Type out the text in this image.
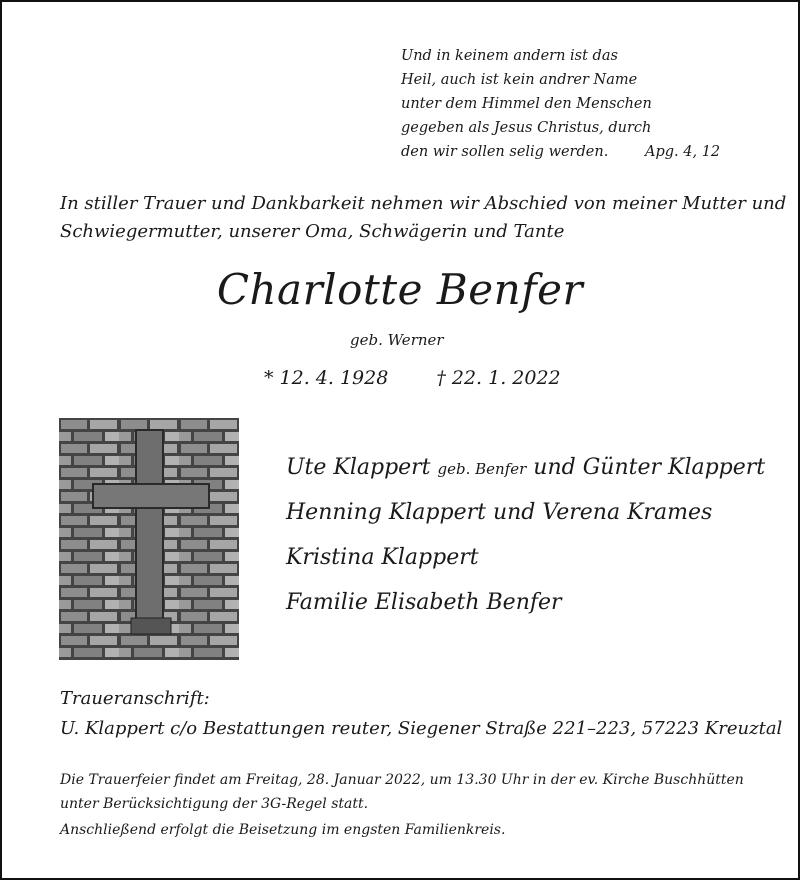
Und in keinem andern ist das
Heil, auch ist kein andrer Name
unter dem Himmel den Menschen
gegeben als Jesus Christus, durch
den wir sollen selig werden.	Apg. 4, 12
In stiller Trauer und Dankbarkeit nehmen wir Abschied von meiner Mutter und
Schwiegermutter, unserer Oma, Schwägerin und Tante
Charlotte Benfer
geb. Werner
* 12. 4. 1928	† 22. 1. 2022
Ute Klappert geb. Benfer und Günter Klappert
Henning Klappert und Verena Krames
Kristina Klappert
Familie Elisabeth Benfer
Traueranschrift:
U. Klappert c/o Bestattungen reuter, Siegener Straße 221–223, 57223 Kreuztal
Die Trauerfeier findet am Freitag, 28. Januar 2022, um 13.30 Uhr in der ev. Kirche Buschhütten
unter Berücksichtigung der 3G-Regel statt.
Anschließend erfolgt die Beisetzung im engsten Familienkreis.
